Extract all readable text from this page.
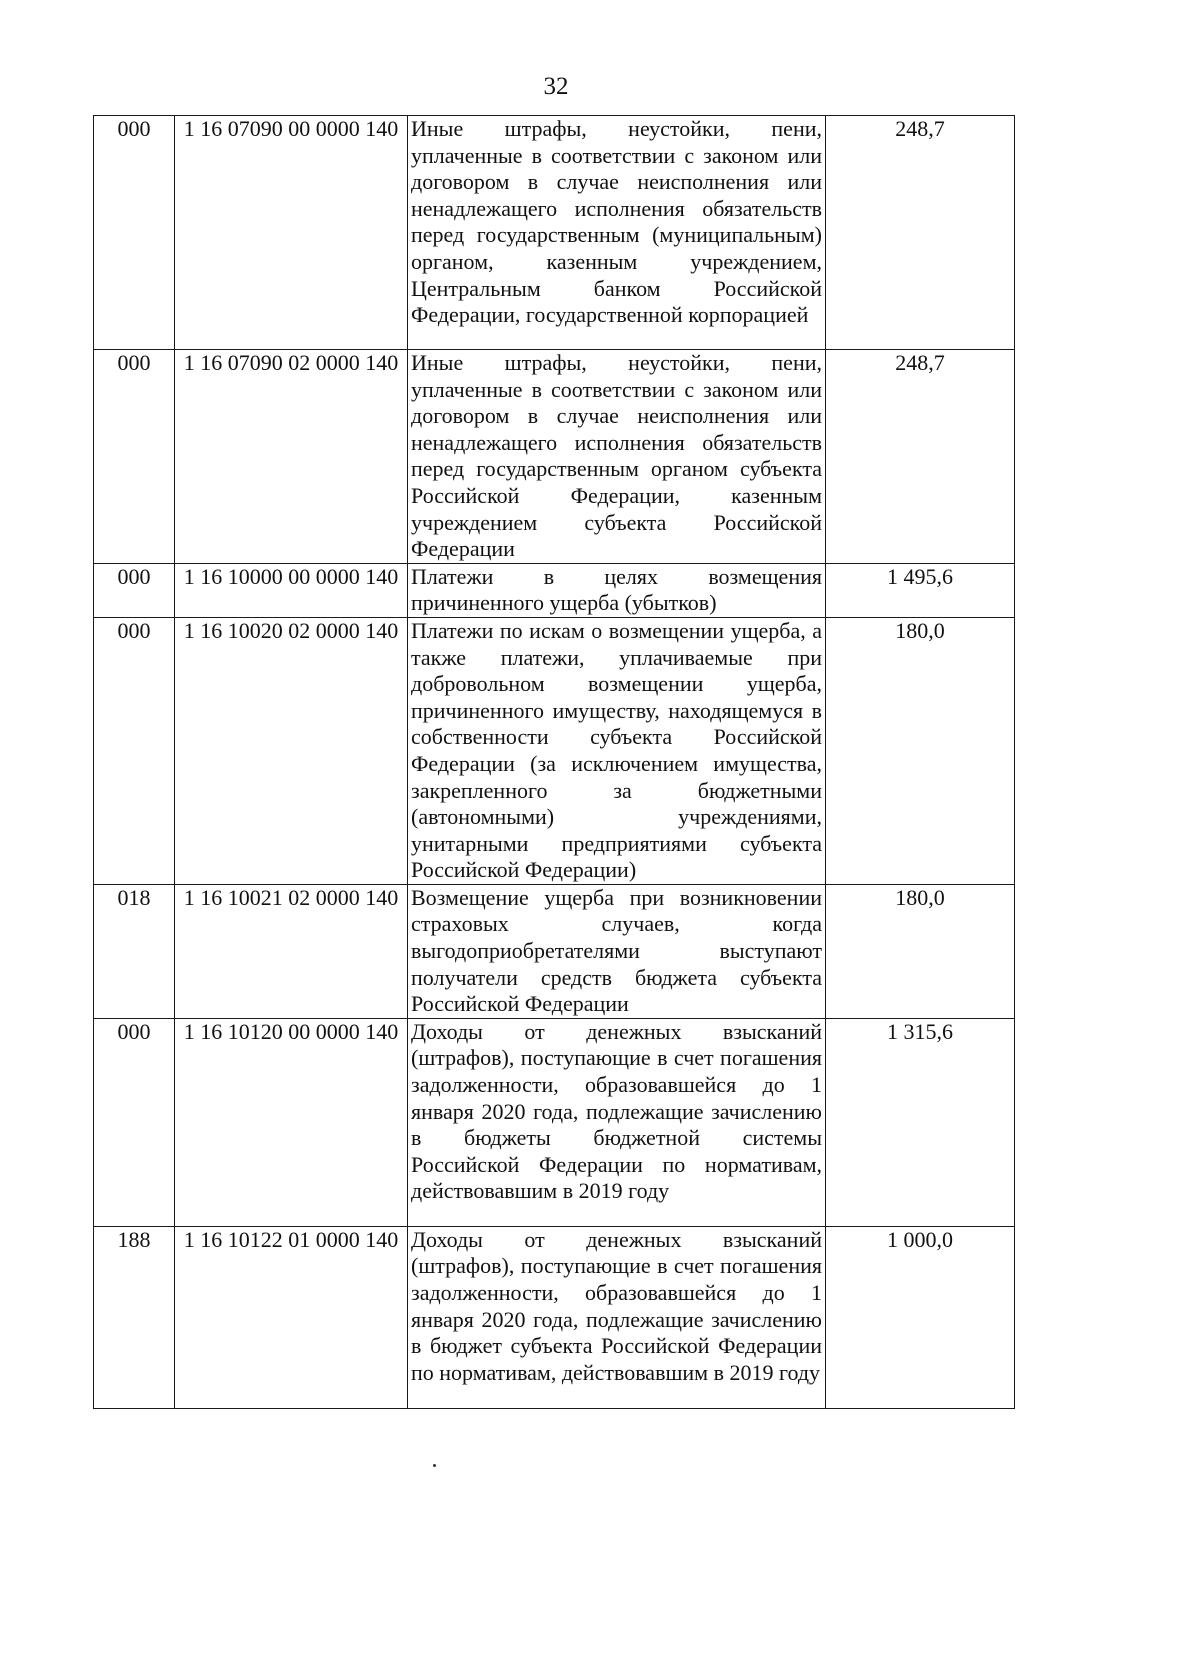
32
000	1 16 07090 00 0000 140	Иные штрафы, неустойки, пени, уплаченные в соответствии с законом или договором в случае неисполнения или ненадлежащего исполнения обязательств перед государственным (муниципальным) органом, казенным учреждением, Центральным банком Российской Федерации, государственной корпорацией	248,7
000	1 16 07090 02 0000 140	Иные штрафы, неустойки, пени, уплаченные в соответствии с законом или договором в случае неисполнения или ненадлежащего исполнения обязательств перед государственным органом субъекта Российской Федерации, казенным учреждением субъекта Российской Федерации	248,7
000	1 16 10000 00 0000 140	Платежи в целях возмещения причиненного ущерба (убытков)	1 495,6
000	1 16 10020 02 0000 140	Платежи по искам о возмещении ущерба, а также платежи, уплачиваемые при добровольном возмещении ущерба, причиненного имуществу, находящемуся в собственности субъекта Российской Федерации (за исключением имущества, закрепленного за бюджетными (автономными) учреждениями, унитарными предприятиями субъекта Российской Федерации)	180,0
018	1 16 10021 02 0000 140	Возмещение ущерба при возникновении страховых случаев, когда выгодоприобретателями выступают получатели средств бюджета субъекта Российской Федерации	180,0
000	1 16 10120 00 0000 140	Доходы от денежных взысканий (штрафов), поступающие в счет погашения задолженности, образовавшейся до 1 января 2020 года, подлежащие зачислению в бюджеты бюджетной системы Российской Федерации по нормативам, действовавшим в 2019 году	1 315,6
188	1 16 10122 01 0000 140	Доходы от денежных взысканий (штрафов), поступающие в счет погашения задолженности, образовавшейся до 1 января 2020 года, подлежащие зачислению в бюджет субъекта Российской Федерации по нормативам, действовавшим в 2019 году	1 000,0
